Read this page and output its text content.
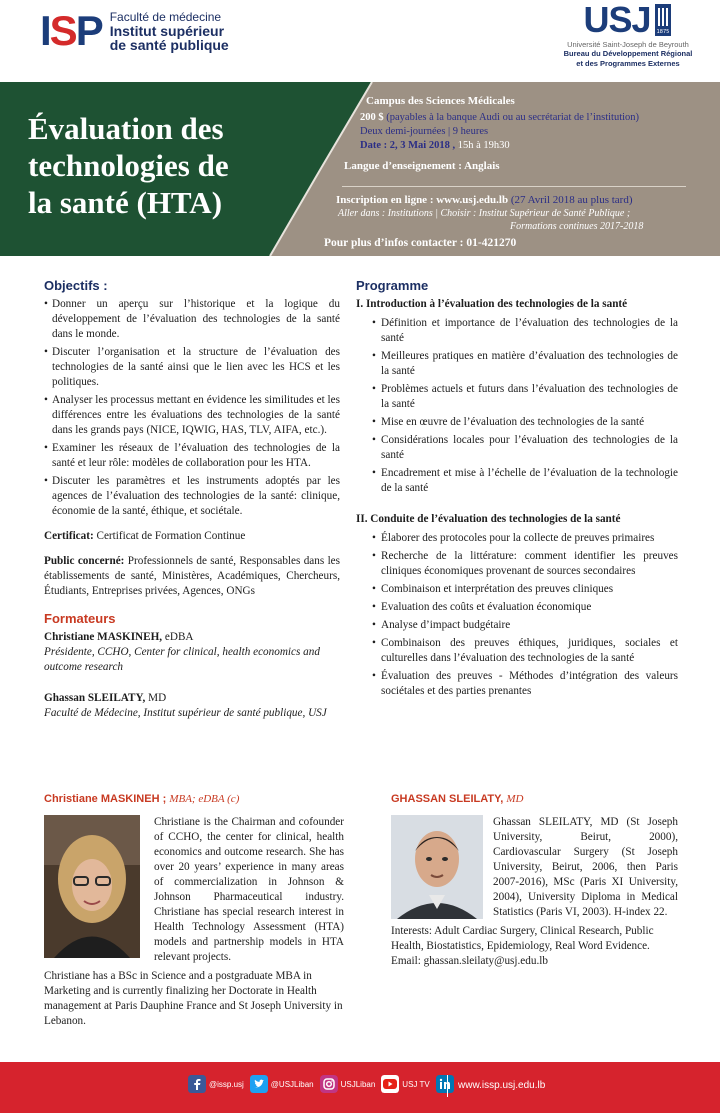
ISP Faculté de médecine
Institut supérieur
de santé publique
USJ 1875
Université Saint-Joseph de Beyrouth
Bureau du Développement Régional
et des Programmes Externes
Évaluation des
technologies de
la santé (HTA)
Campus des Sciences Médicales
200 $ (payables à la banque Audi ou au secrétariat de l’institution)
Deux demi-journées | 9 heures
Date : 2, 3 Mai 2018 , 15h à 19h30
Langue d’enseignement : Anglais
Inscription en ligne : www.usj.edu.lb (27 Avril 2018 au plus tard)
Aller dans : Institutions | Choisir : Institut Supérieur de Santé Publique ;
Formations continues 2017-2018
Pour plus d’infos contacter : 01-421270
Objectifs :
• Donner un aperçu sur l’historique et la logique du développement de l’évaluation des technologies de la santé dans le monde.
• Discuter l’organisation et la structure de l’évaluation des technologies de la santé ainsi que le lien avec les HCS et les politiques.
• Analyser les processus mettant en évidence les similitudes et les différences entre les évaluations des technologies de la santé dans les grands pays (NICE, IQWIG, HAS, TLV, AIFA, etc.).
• Examiner les réseaux de l’évaluation des technologies de la santé et leur rôle: modèles de collaboration pour les HTA.
• Discuter les paramètres et les instruments adoptés par les agences de l’évaluation des technologies de la santé: clinique, économie de la santé, éthique, et sociétale.
Certificat: Certificat de Formation Continue
Public concerné: Professionnels de santé, Responsables dans les établissements de santé, Ministères, Académiques, Chercheurs, Étudiants, Entreprises privées, Agences, ONGs
Formateurs
Christiane MASKINEH, eDBA
Présidente, CCHO, Center for clinical, health economics and outcome research
Ghassan SLEILATY, MD
Faculté de Médecine, Institut supérieur de santé publique, USJ
Programme
I. Introduction à l’évaluation des technologies de la santé
• Définition et importance de l’évaluation des technologies de la santé
• Meilleures pratiques en matière d’évaluation des technologies de la santé
• Problèmes actuels et futurs dans l’évaluation des technologies de la santé
• Mise en œuvre de l’évaluation des technologies de la santé
• Considérations locales pour l’évaluation des technologies de la santé
• Encadrement et mise à l’échelle de l’évaluation de la technologie de la santé
II. Conduite de l’évaluation des technologies de la santé
• Élaborer des protocoles pour la collecte de preuves primaires
• Recherche de la littérature: comment identifier les preuves cliniques économiques provenant de sources secondaires
• Combinaison et interprétation des preuves cliniques
• Evaluation des coûts et évaluation économique
• Analyse d’impact budgétaire
• Combinaison des preuves éthiques, juridiques, sociales et culturelles dans l’évaluation des technologies de la santé
• Évaluation des preuves - Méthodes d’intégration des valeurs sociétales et des parties prenantes
Christiane MASKINEH ; MBA; eDBA (c)
Christiane is the Chairman and cofounder of CCHO, the center for clinical, health economics and outcome research. She has over 20 years’ experience in many areas of commercialization in Johnson & Johnson Pharmaceutical industry. Christiane has special research interest in Health Technology Assessment (HTA) models and partnership models in HTA relevant projects.
Christiane has a BSc in Science and a postgraduate MBA in Marketing and is currently finalizing her Doctorate in Health management at Paris Dauphine France and St Joseph University in Lebanon.
GHASSAN SLEILATY, MD
Ghassan SLEILATY, MD (St Joseph University, Beirut, 2000), Cardiovascular Surgery (St Joseph University, Beirut, 2006, then Paris 2007-2016), MSc (Paris XI University, 2004), University Diploma in Medical Statistics (Paris VI, 2003). H-index 22.
Interests: Adult Cardiac Surgery, Clinical Research, Public Health, Biostatistics, Epidemiology, Real Word Evidence.
Email: ghassan.sleilaty@usj.edu.lb
@issp.usj	@USJLiban	USJLiban	USJ TV	www.issp.usj.edu.lb
